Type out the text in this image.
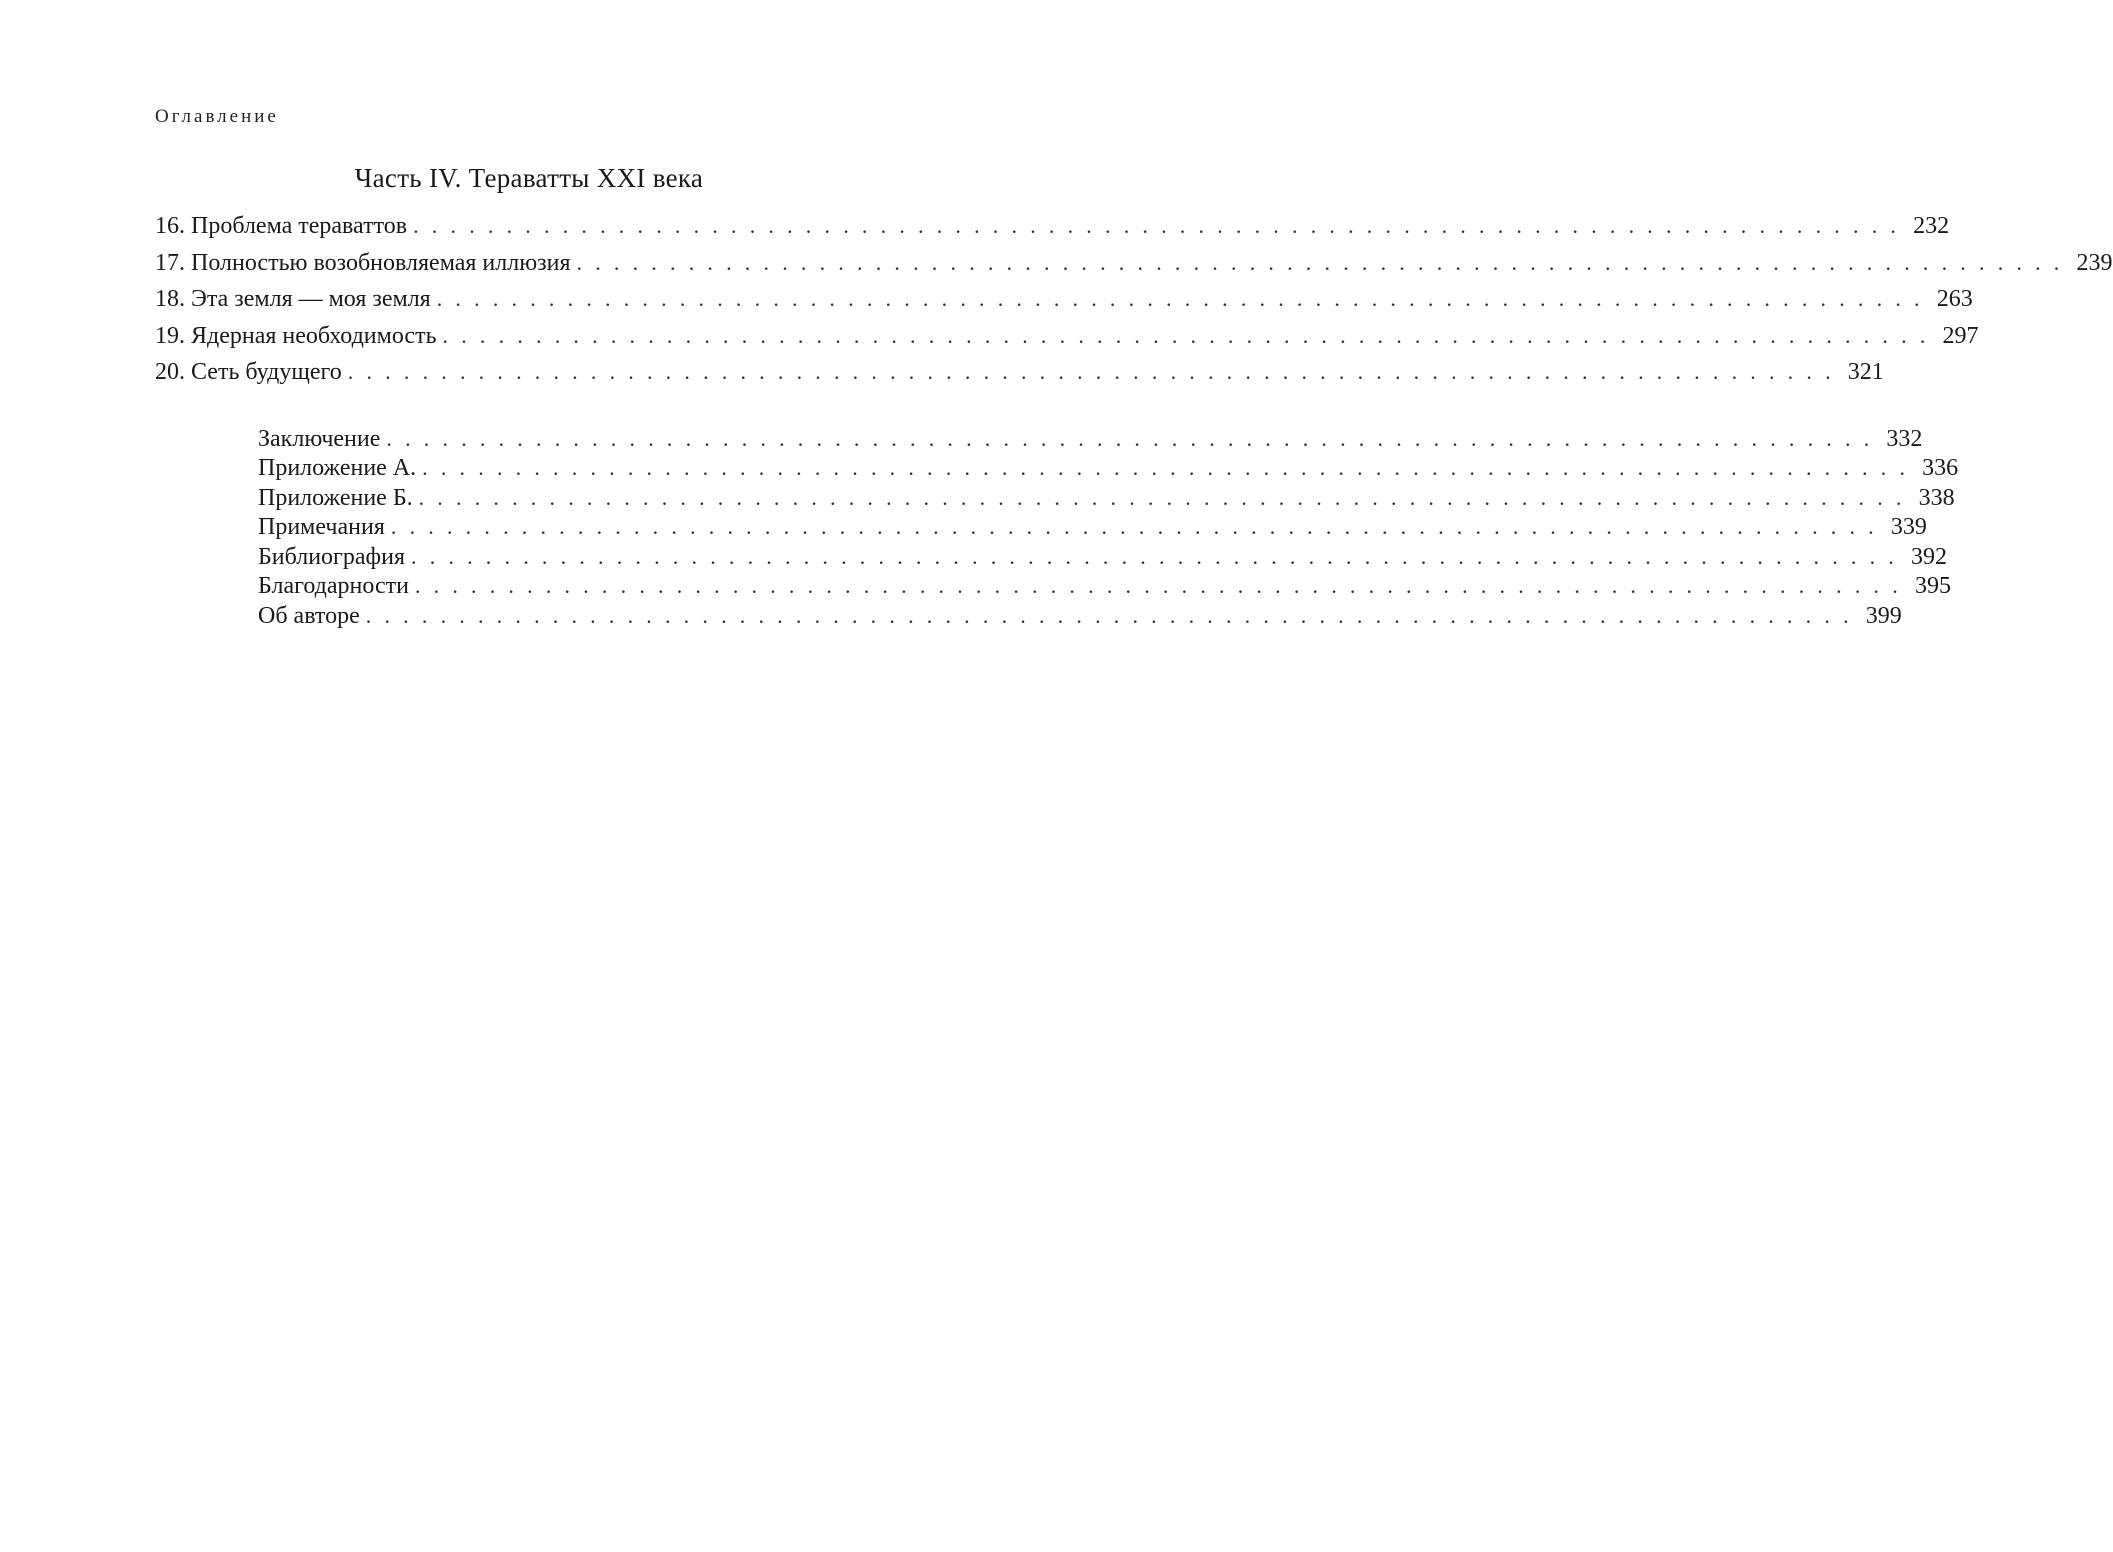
Оглавление
Часть IV. Тераватты XXI века
16. Проблема тераваттов ................................................................................ 232
17. Полностью возобновляемая иллюзия ................................................................................ 239
18. Эта земля — моя земля ................................................................................ 263
19. Ядерная необходимость ................................................................................ 297
20. Сеть будущего ................................................................................ 321
Заключение ................................................................................ 332
Приложение А. ................................................................................ 336
Приложение Б. ................................................................................ 338
Примечания ................................................................................ 339
Библиография ................................................................................ 392
Благодарности ................................................................................ 395
Об авторе ................................................................................ 399
